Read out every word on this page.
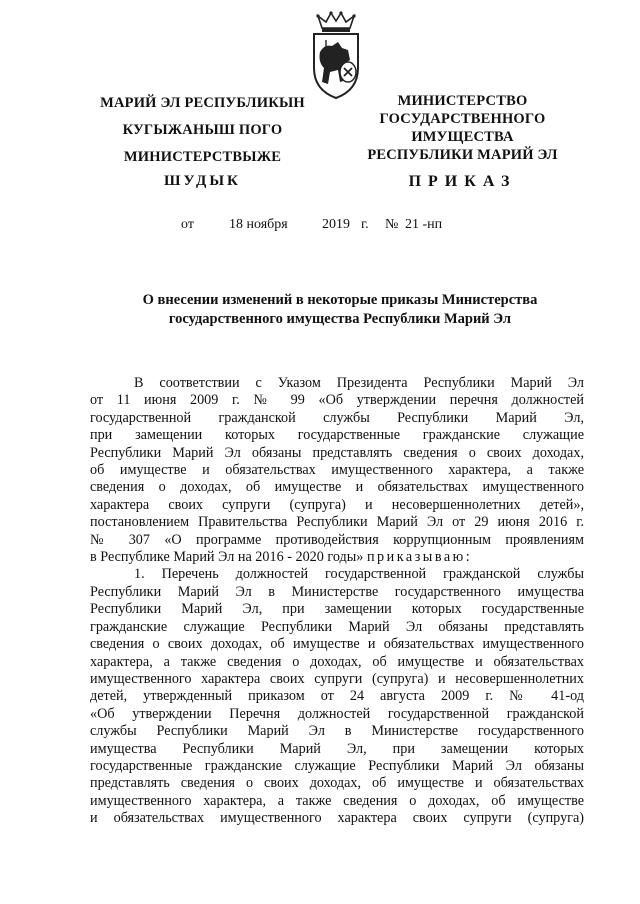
МАРИЙ ЭЛ РЕСПУБЛИКЫН
КУГЫЖАНЫШ ПОГО
МИНИСТЕРСТВЫЖЕ
МИНИСТЕРСТВО
ГОСУДАРСТВЕННОГО
ИМУЩЕСТВА
РЕСПУБЛИКИ МАРИЙ ЭЛ
ШУДЫК	ПРИКАЗ
от	18 ноября 2019 г. № 21 -нп
О внесении изменений в некоторые приказы Министерства
государственного имущества Республики Марий Эл

В соответствии с Указом Президента Республики Марий Эл

от 11 июня 2009 г. № 99 «Об утверждении перечня должностей

государственной гражданской службы Республики Марий Эл,

при замещении которых государственные гражданские служащие

Республики Марий Эл обязаны представлять сведения о своих доходах,

об имуществе и обязательствах имущественного характера, а также

сведения о доходах, об имуществе и обязательствах имущественного

характера своих супруги (супруга) и несовершеннолетних детей»,

постановлением Правительства Республики Марий Эл от 29 июня 2016 г.

№ 307 «О программе противодействия коррупционным проявлениям

в Республике Марий Эл на 2016 - 2020 годы» приказываю:

1. Перечень должностей государственной гражданской службы

Республики Марий Эл в Министерстве государственного имущества

Республики Марий Эл, при замещении которых государственные

гражданские служащие Республики Марий Эл обязаны представлять

сведения о своих доходах, об имуществе и обязательствах имущественного

характера, а также сведения о доходах, об имуществе и обязательствах

имущественного характера своих супруги (супруга) и несовершеннолетних

детей, утвержденный приказом от 24 августа 2009 г. № 41-од

«Об утверждении Перечня должностей государственной гражданской

службы Республики Марий Эл в Министерстве государственного

имущества Республики Марий Эл, при замещении которых

государственные гражданские служащие Республики Марий Эл обязаны

представлять сведения о своих доходах, об имуществе и обязательствах

имущественного характера, а также сведения о доходах, об имуществе

и обязательствах имущественного характера своих супруги (супруга)
